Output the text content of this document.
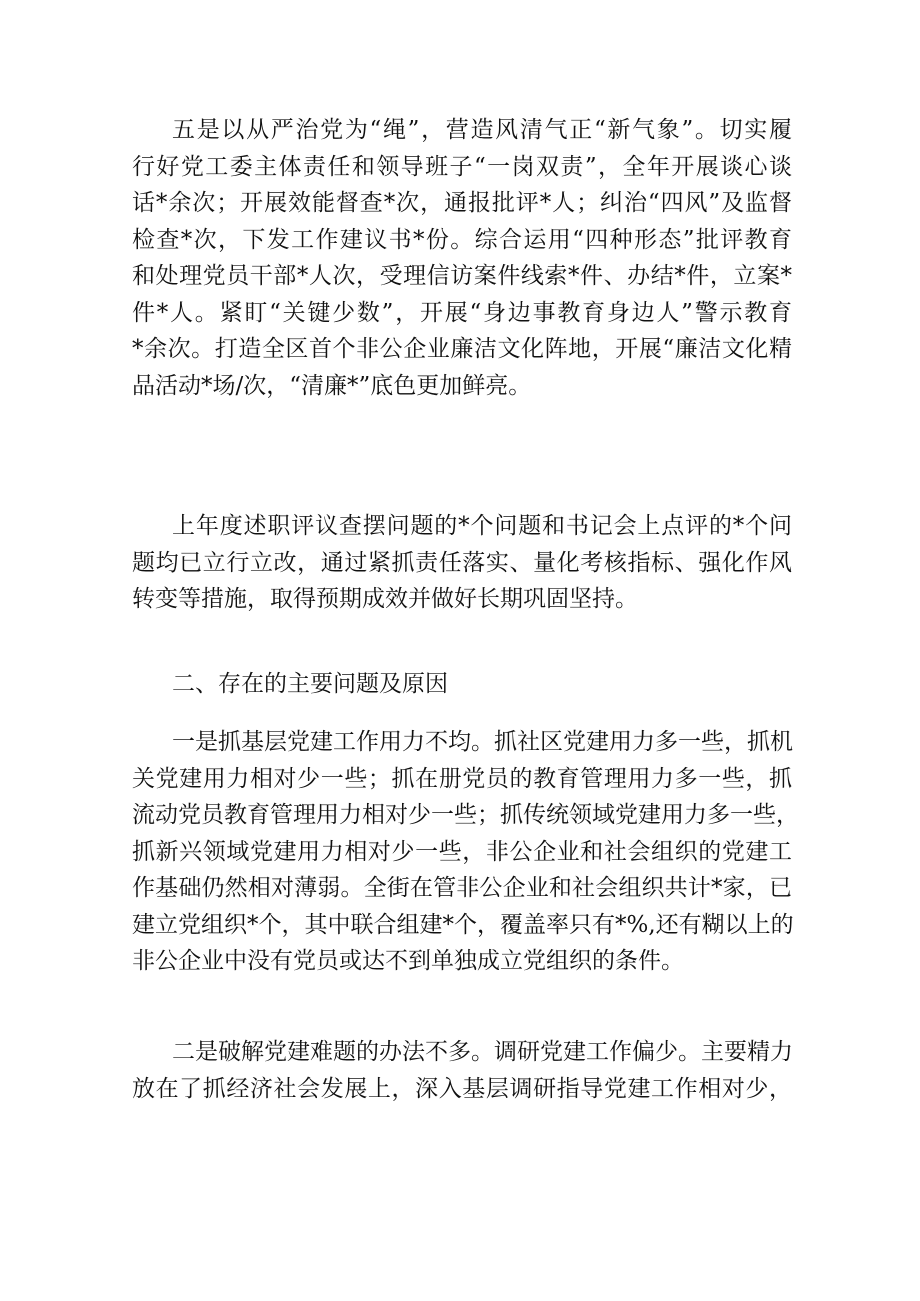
五是以从严治党为“绳”，营造风清气正“新气象”。切实履
行好党工委主体责任和领导班子“一岗双责”，全年开展谈心谈
话*余次；开展效能督查*次，通报批评*人；纠治“四风”及监督
检查*次，下发工作建议书*份。综合运用“四种形态”批评教育
和处理党员干部*人次，受理信访案件线索*件、办结*件，立案*
件*人。紧盯“关键少数”，开展“身边事教育身边人”警示教育
*余次。打造全区首个非公企业廉洁文化阵地，开展“廉洁文化精
品活动*场/次，“清廉*”底色更加鲜亮。
上年度述职评议查摆问题的*个问题和书记会上点评的*个问
题均已立行立改，通过紧抓责任落实、量化考核指标、强化作风
转变等措施，取得预期成效并做好长期巩固坚持。
二、存在的主要问题及原因
一是抓基层党建工作用力不均。抓社区党建用力多一些，抓机
关党建用力相对少一些；抓在册党员的教育管理用力多一些，抓
流动党员教育管理用力相对少一些；抓传统领域党建用力多一些，
抓新兴领域党建用力相对少一些，非公企业和社会组织的党建工
作基础仍然相对薄弱。全街在管非公企业和社会组织共计*家，已
建立党组织*个，其中联合组建*个，覆盖率只有*%,还有糊以上的
非公企业中没有党员或达不到单独成立党组织的条件。
二是破解党建难题的办法不多。调研党建工作偏少。主要精力
放在了抓经济社会发展上，深入基层调研指导党建工作相对少，
